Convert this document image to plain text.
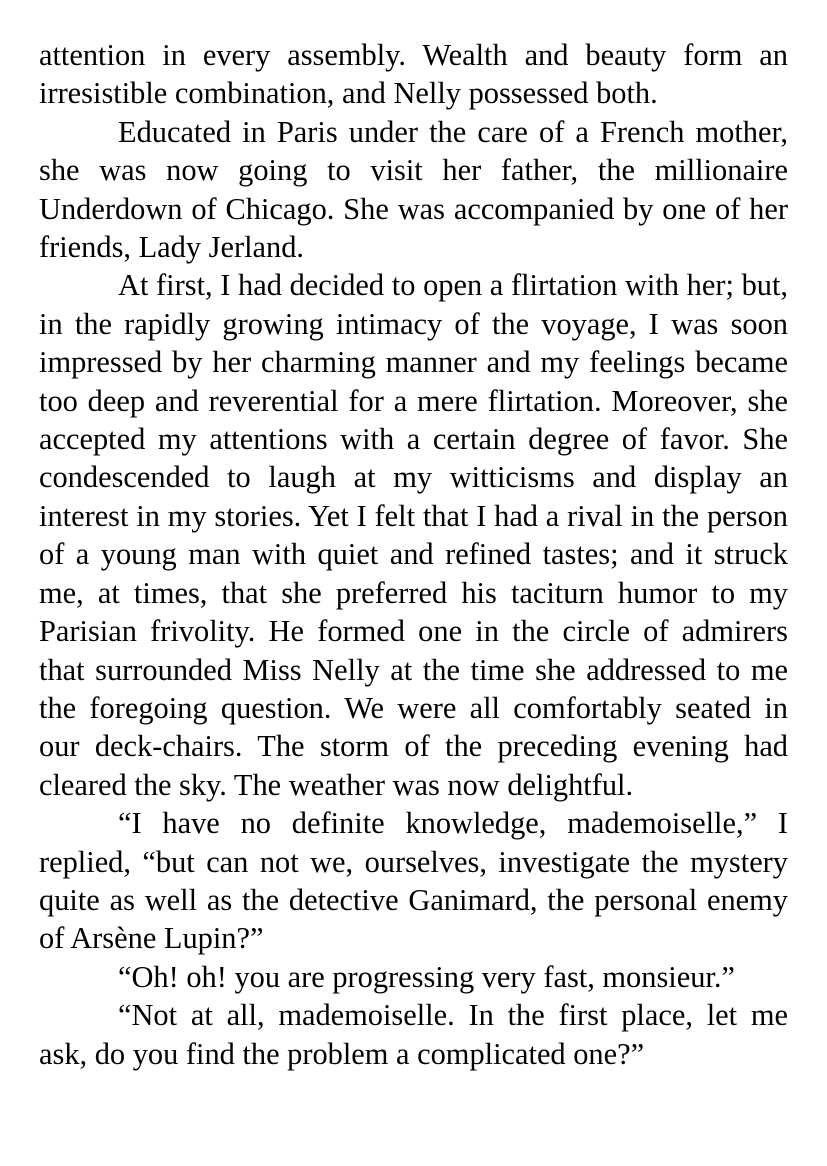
attention in every assembly. Wealth and beauty form an irresistible combination, and Nelly possessed both.

Educated in Paris under the care of a French mother, she was now going to visit her father, the millionaire Underdown of Chicago. She was accompanied by one of her friends, Lady Jerland.

At first, I had decided to open a flirtation with her; but, in the rapidly growing intimacy of the voyage, I was soon impressed by her charming manner and my feelings became too deep and reverential for a mere flirtation. Moreover, she accepted my attentions with a certain degree of favor. She condescended to laugh at my witticisms and display an interest in my stories. Yet I felt that I had a rival in the person of a young man with quiet and refined tastes; and it struck me, at times, that she preferred his taciturn humor to my Parisian frivolity. He formed one in the circle of admirers that surrounded Miss Nelly at the time she addressed to me the foregoing question. We were all comfortably seated in our deck-chairs. The storm of the preceding evening had cleared the sky. The weather was now delightful.

“I have no definite knowledge, mademoiselle,” I replied, “but can not we, ourselves, investigate the mystery quite as well as the detective Ganimard, the personal enemy of Arsène Lupin?”

“Oh! oh! you are progressing very fast, monsieur.”

“Not at all, mademoiselle. In the first place, let me ask, do you find the problem a complicated one?”
